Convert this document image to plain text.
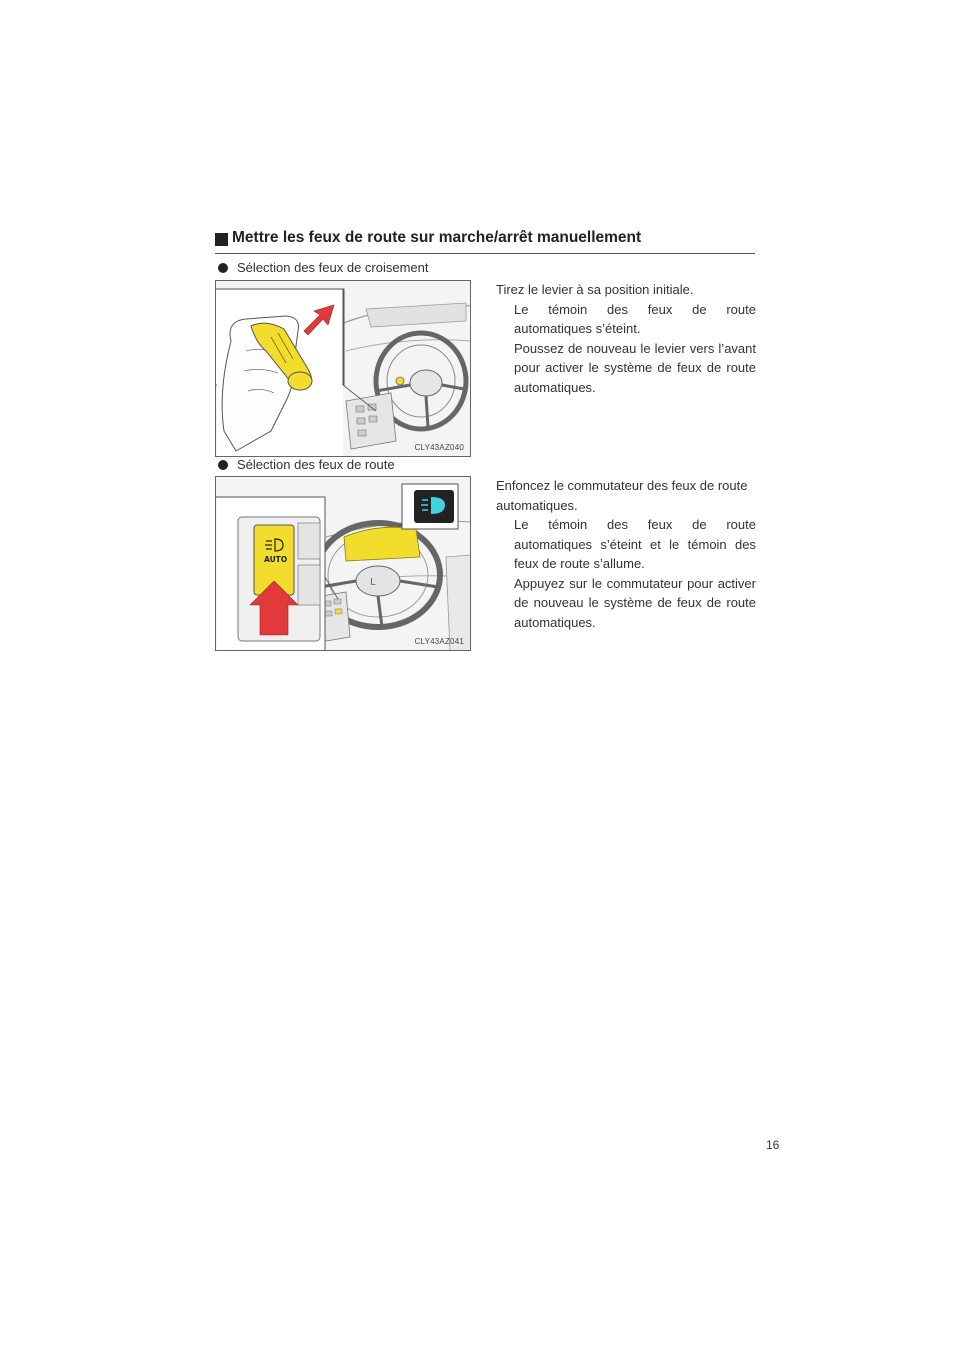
Mettre les feux de route sur marche/arrêt manuellement
Sélection des feux de croisement
CLY43AZ040

Tirez le levier à sa position initiale.

Le témoin des feux de route automatiques s’éteint.

Poussez de nouveau le levier vers l’avant pour activer le système de feux de route automatiques.

Sélection des feux de route
L
AUTO
CLY43AZ041

Enfoncez le commutateur des feux de route automatiques.

Le témoin des feux de route automatiques s’éteint et le témoin des feux de route s’allume.

Appuyez sur le commutateur pour activer de nouveau le système de feux de route automatiques.

16
